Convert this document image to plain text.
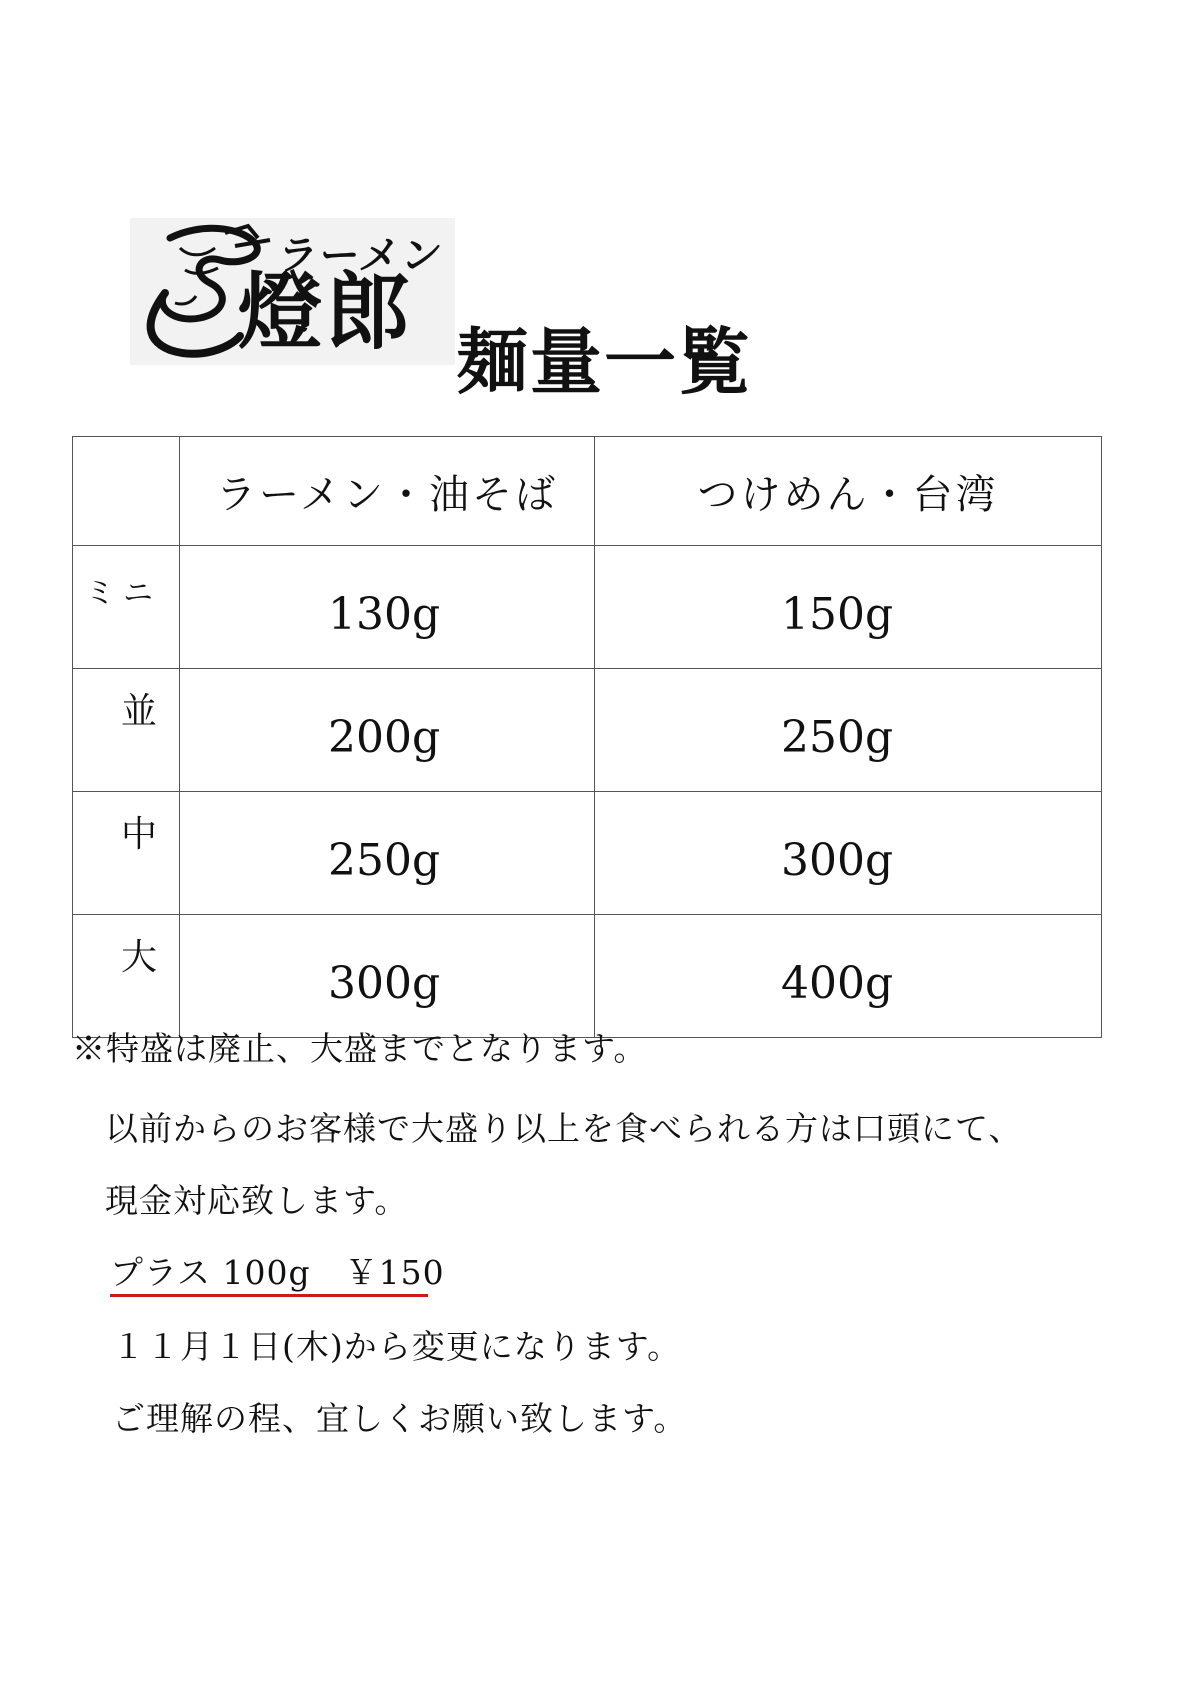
ラーメン
燈郎
麺量一覧
	ラーメン・油そば	つけめん・台湾

ミニ	130g	150g

並	200g	250g

中	250g	300g

大	300g	400g
※特盛は廃止、大盛までとなります。
以前からのお客様で大盛り以上を食べられる方は口頭にて、
現金対応致します。
プラス 100g　￥150
１１月１日(木)から変更になります。
ご理解の程、宜しくお願い致します。
